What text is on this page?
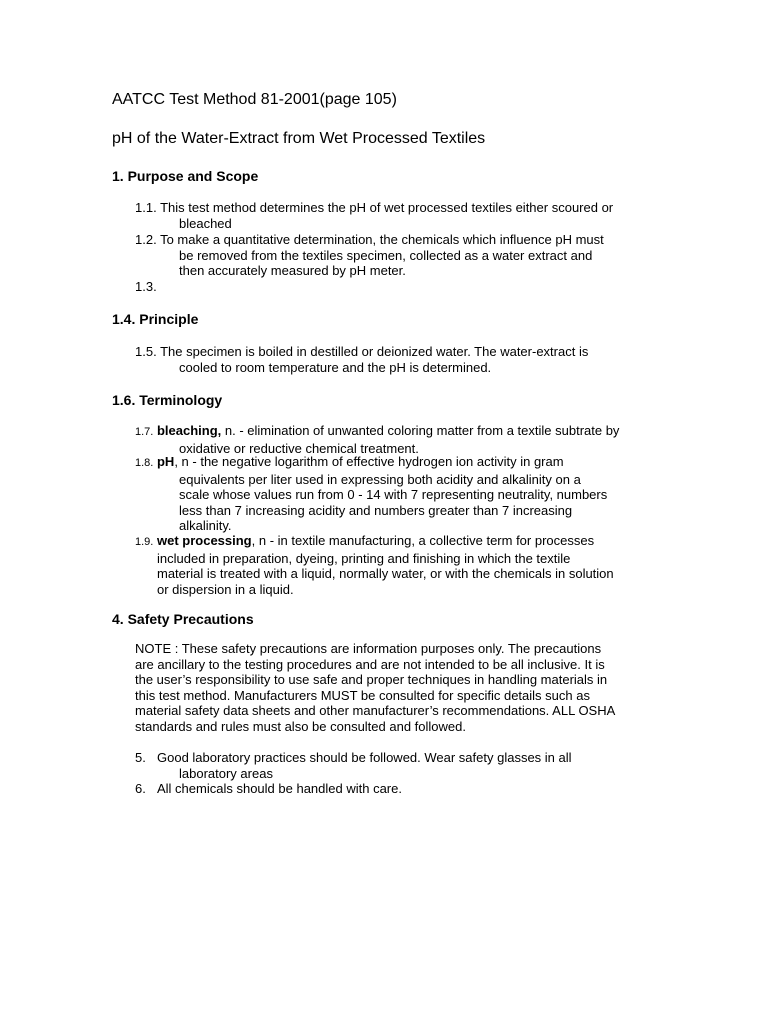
AATCC Test Method 81-2001(page 105)
pH of the Water-Extract from Wet Processed Textiles
1. Purpose and Scope
1.1. This test method determines the pH of wet processed textiles either scoured or
bleached
1.2. To make a quantitative determination, the chemicals which influence pH must
be removed from the textiles specimen, collected as a water extract and
then accurately measured by pH meter.
1.3.
1.4. Principle
1.5. The specimen is boiled in destilled or deionized water. The water-extract is
cooled to room temperature and the pH is determined.
1.6. Terminology
1.7. bleaching, n. - elimination of unwanted coloring matter from a textile subtrate by
oxidative or reductive chemical treatment.
1.8. pH, n - the negative logarithm of effective hydrogen ion activity in gram
equivalents per liter used in expressing both acidity and alkalinity on a
scale whose values run from 0 - 14 with 7 representing neutrality, numbers
less than 7 increasing acidity and numbers greater than 7 increasing
alkalinity.
1.9. wet processing, n - in textile manufacturing, a collective term for processes
included in preparation, dyeing, printing and finishing in which the textile
material is treated with a liquid, normally water, or with the chemicals in solution
or dispersion in a liquid.
4. Safety Precautions
NOTE : These safety precautions are information purposes only. The precautions
are ancillary to the testing procedures and are not intended to be all inclusive. It is
the user’s responsibility to use safe and proper techniques in handling materials in
this test method. Manufacturers MUST be consulted for specific details such as
material safety data sheets and other manufacturer’s recommendations. ALL OSHA
standards and rules must also be consulted and followed.
5. Good laboratory practices should be followed. Wear safety glasses in all
laboratory areas
6. All chemicals should be handled with care.
